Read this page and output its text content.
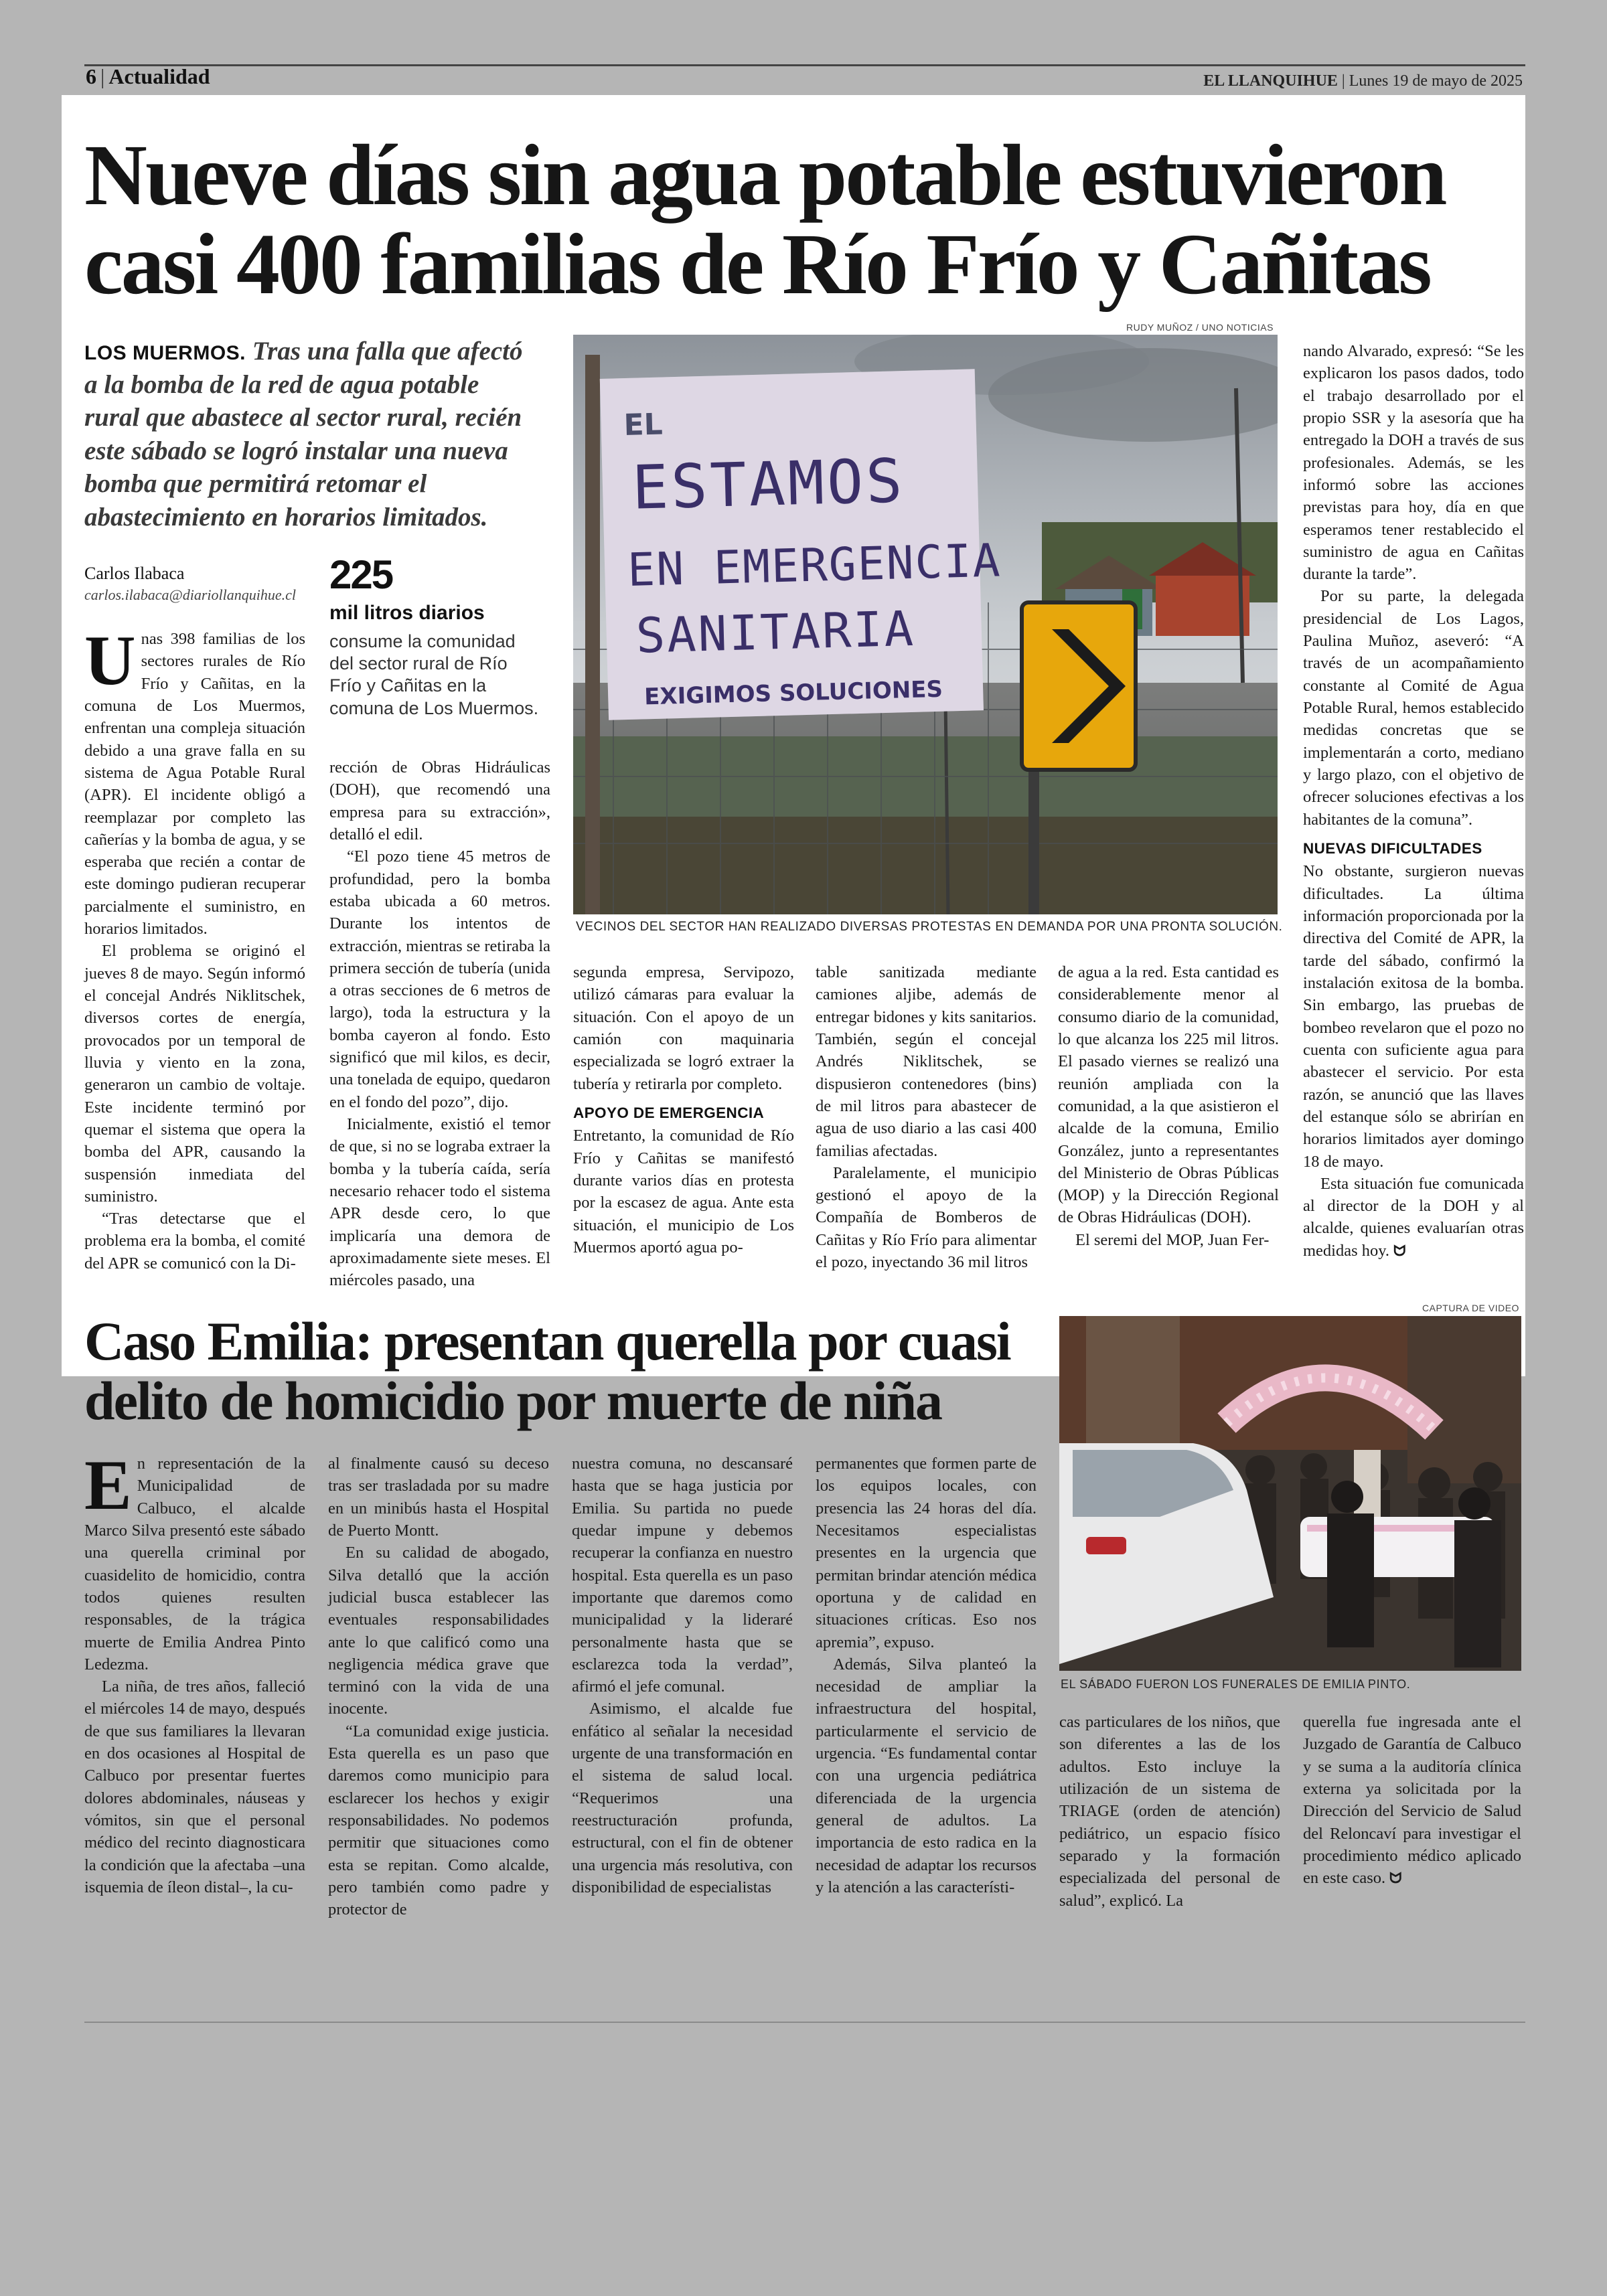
6 | Actualidad	EL LLANQUIHUE | Lunes 19 de mayo de 2025
Nueve días sin agua potable estuvieron casi 400 familias de Río Frío y Cañitas
LOS MUERMOS. Tras una falla que afectó a la bomba de la red de agua potable rural que abastece al sector rural, recién este sábado se logró instalar una nueva bomba que permitirá retomar el abastecimiento en horarios limitados.
Carlos Ilabaca
carlos.ilabaca@diariollanquihue.cl 225
mil litros diarios
consume la comunidad del sector rural de Río Frío y Cañitas en la comuna de Los Muermos.
RUDY MUÑOZ / UNO NOTICIAS
EL
ESTAMOS
EN EMERGENCIA
SANITARIA
EXIGIMOS SOLUCIONES
VECINOS DEL SECTOR HAN REALIZADO DIVERSAS PROTESTAS EN DEMANDA POR UNA PRONTA SOLUCIÓN.

Unas 398 familias de los sectores rurales de Río Frío y Cañitas, en la comuna de Los Muermos, enfrentan una compleja situación debido a una grave falla en su sistema de Agua Potable Rural (APR). El incidente obligó a reemplazar por completo las cañerías y la bomba de agua, y se esperaba que recién a contar de este domingo pudieran recuperar parcialmente el suministro, en horarios limitados.

El problema se originó el jueves 8 de mayo. Según informó el concejal Andrés Niklitschek, diversos cortes de energía, provocados por un temporal de lluvia y viento en la zona, generaron un cambio de voltaje. Este incidente terminó por quemar el sistema que opera la bomba del APR, causando la suspensión inmediata del suministro.

“Tras detectarse que el problema era la bomba, el comité del APR se comunicó con la Di-

rección de Obras Hidráulicas (DOH), que recomendó una empresa para su extracción», detalló el edil.

“El pozo tiene 45 metros de profundidad, pero la bomba estaba ubicada a 60 metros. Durante los intentos de extracción, mientras se retiraba la primera sección de tubería (unida a otras secciones de 6 metros de largo), toda la estructura y la bomba cayeron al fondo. Esto significó que mil kilos, es decir, una tonelada de equipo, quedaron en el fondo del pozo”, dijo.

Inicialmente, existió el temor de que, si no se lograba extraer la bomba y la tubería caída, sería necesario rehacer todo el sistema APR desde cero, lo que implicaría una demora de aproximadamente siete meses. El miércoles pasado, una

segunda empresa, Servipozo, utilizó cámaras para evaluar la situación. Con el apoyo de un camión con maquinaria especializada se logró extraer la tubería y retirarla por completo.

APOYO DE EMERGENCIA

Entretanto, la comunidad de Río Frío y Cañitas se manifestó durante varios días en protesta por la escasez de agua. Ante esta situación, el municipio de Los Muermos aportó agua po-

table sanitizada mediante camiones aljibe, además de entregar bidones y kits sanitarios. También, según el concejal Andrés Niklitschek, se dispusieron contenedores (bins) de mil litros para abastecer de agua de uso diario a las casi 400 familias afectadas.

Paralelamente, el municipio gestionó el apoyo de la Compañía de Bomberos de Cañitas y Río Frío para alimentar el pozo, inyectando 36 mil litros

de agua a la red. Esta cantidad es considerablemente menor al consumo diario de la comunidad, lo que alcanza los 225 mil litros. El pasado viernes se realizó una reunión ampliada con la comunidad, a la que asistieron el alcalde de la comuna, Emilio González, junto a representantes del Ministerio de Obras Públicas (MOP) y la Dirección Regional de Obras Hidráulicas (DOH).

El seremi del MOP, Juan Fer-

nando Alvarado, expresó: “Se les explicaron los pasos dados, todo el trabajo desarrollado por el propio SSR y la asesoría que ha entregado la DOH a través de sus profesionales. Además, se les informó sobre las acciones previstas para hoy, día en que esperamos tener restablecido el suministro de agua en Cañitas durante la tarde”.

Por su parte, la delegada presidencial de Los Lagos, Paulina Muñoz, aseveró: “A través de un acompañamiento constante al Comité de Agua Potable Rural, hemos establecido medidas concretas que se implementarán a corto, mediano y largo plazo, con el objetivo de ofrecer soluciones efectivas a los habitantes de la comuna”.

NUEVAS DIFICULTADES

No obstante, surgieron nuevas dificultades. La última información proporcionada por la directiva del Comité de APR, la tarde del sábado, confirmó la instalación exitosa de la bomba. Sin embargo, las pruebas de bombeo revelaron que el pozo no cuenta con suficiente agua para abastecer el servicio. Por esta razón, se anunció que las llaves del estanque sólo se abrirían en horarios limitados ayer domingo 18 de mayo.

Esta situación fue comunicada al director de la DOH y al alcalde, quienes evaluarían otras medidas hoy. ᗢ

Caso Emilia: presentan querella por cuasi delito de homicidio por muerte de niña
CAPTURA DE VIDEO
EL SÁBADO FUERON LOS FUNERALES DE EMILIA PINTO.

En representación de la Municipalidad de Calbuco, el alcalde Marco Silva presentó este sábado una querella criminal por cuasidelito de homicidio, contra todos quienes resulten responsables, de la trágica muerte de Emilia Andrea Pinto Ledezma.

La niña, de tres años, falleció el miércoles 14 de mayo, después de que sus familiares la llevaran en dos ocasiones al Hospital de Calbuco por presentar fuertes dolores abdominales, náuseas y vómitos, sin que el personal médico del recinto diagnosticara la condición que la afectaba –una isquemia de íleon distal–, la cu-

al finalmente causó su deceso tras ser trasladada por su madre en un minibús hasta el Hospital de Puerto Montt.

En su calidad de abogado, Silva detalló que la acción judicial busca establecer las eventuales responsabilidades ante lo que calificó como una negligencia médica grave que terminó con la vida de una inocente.

“La comunidad exige justicia. Esta querella es un paso que daremos como municipio para esclarecer los hechos y exigir responsabilidades. No podemos permitir que situaciones como esta se repitan. Como alcalde, pero también como padre y protector de

nuestra comuna, no descansaré hasta que se haga justicia por Emilia. Su partida no puede quedar impune y debemos recuperar la confianza en nuestro hospital. Esta querella es un paso importante que daremos como municipalidad y la lideraré personalmente hasta que se esclarezca toda la verdad”, afirmó el jefe comunal.

Asimismo, el alcalde fue enfático al señalar la necesidad urgente de una transformación en el sistema de salud local. “Requerimos una reestructuración profunda, estructural, con el fin de obtener una urgencia más resolutiva, con disponibilidad de especialistas

permanentes que formen parte de los equipos locales, con presencia las 24 horas del día. Necesitamos especialistas presentes en la urgencia que permitan brindar atención médica oportuna y de calidad en situaciones críticas. Eso nos apremia”, expuso.

Además, Silva planteó la necesidad de ampliar la infraestructura del hospital, particularmente el servicio de urgencia. “Es fundamental contar con una urgencia pediátrica diferenciada de la urgencia general de adultos. La importancia de esto radica en la necesidad de adaptar los recursos y la atención a las característi-

cas particulares de los niños, que son diferentes a las de los adultos. Esto incluye la utilización de un sistema de TRIAGE (orden de atención) pediátrico, un espacio físico separado y la formación especializada del personal de salud”, explicó. La

querella fue ingresada ante el Juzgado de Garantía de Calbuco y se suma a la auditoría clínica externa ya solicitada por la Dirección del Servicio de Salud del Reloncaví para investigar el procedimiento médico aplicado en este caso. ᗢ
